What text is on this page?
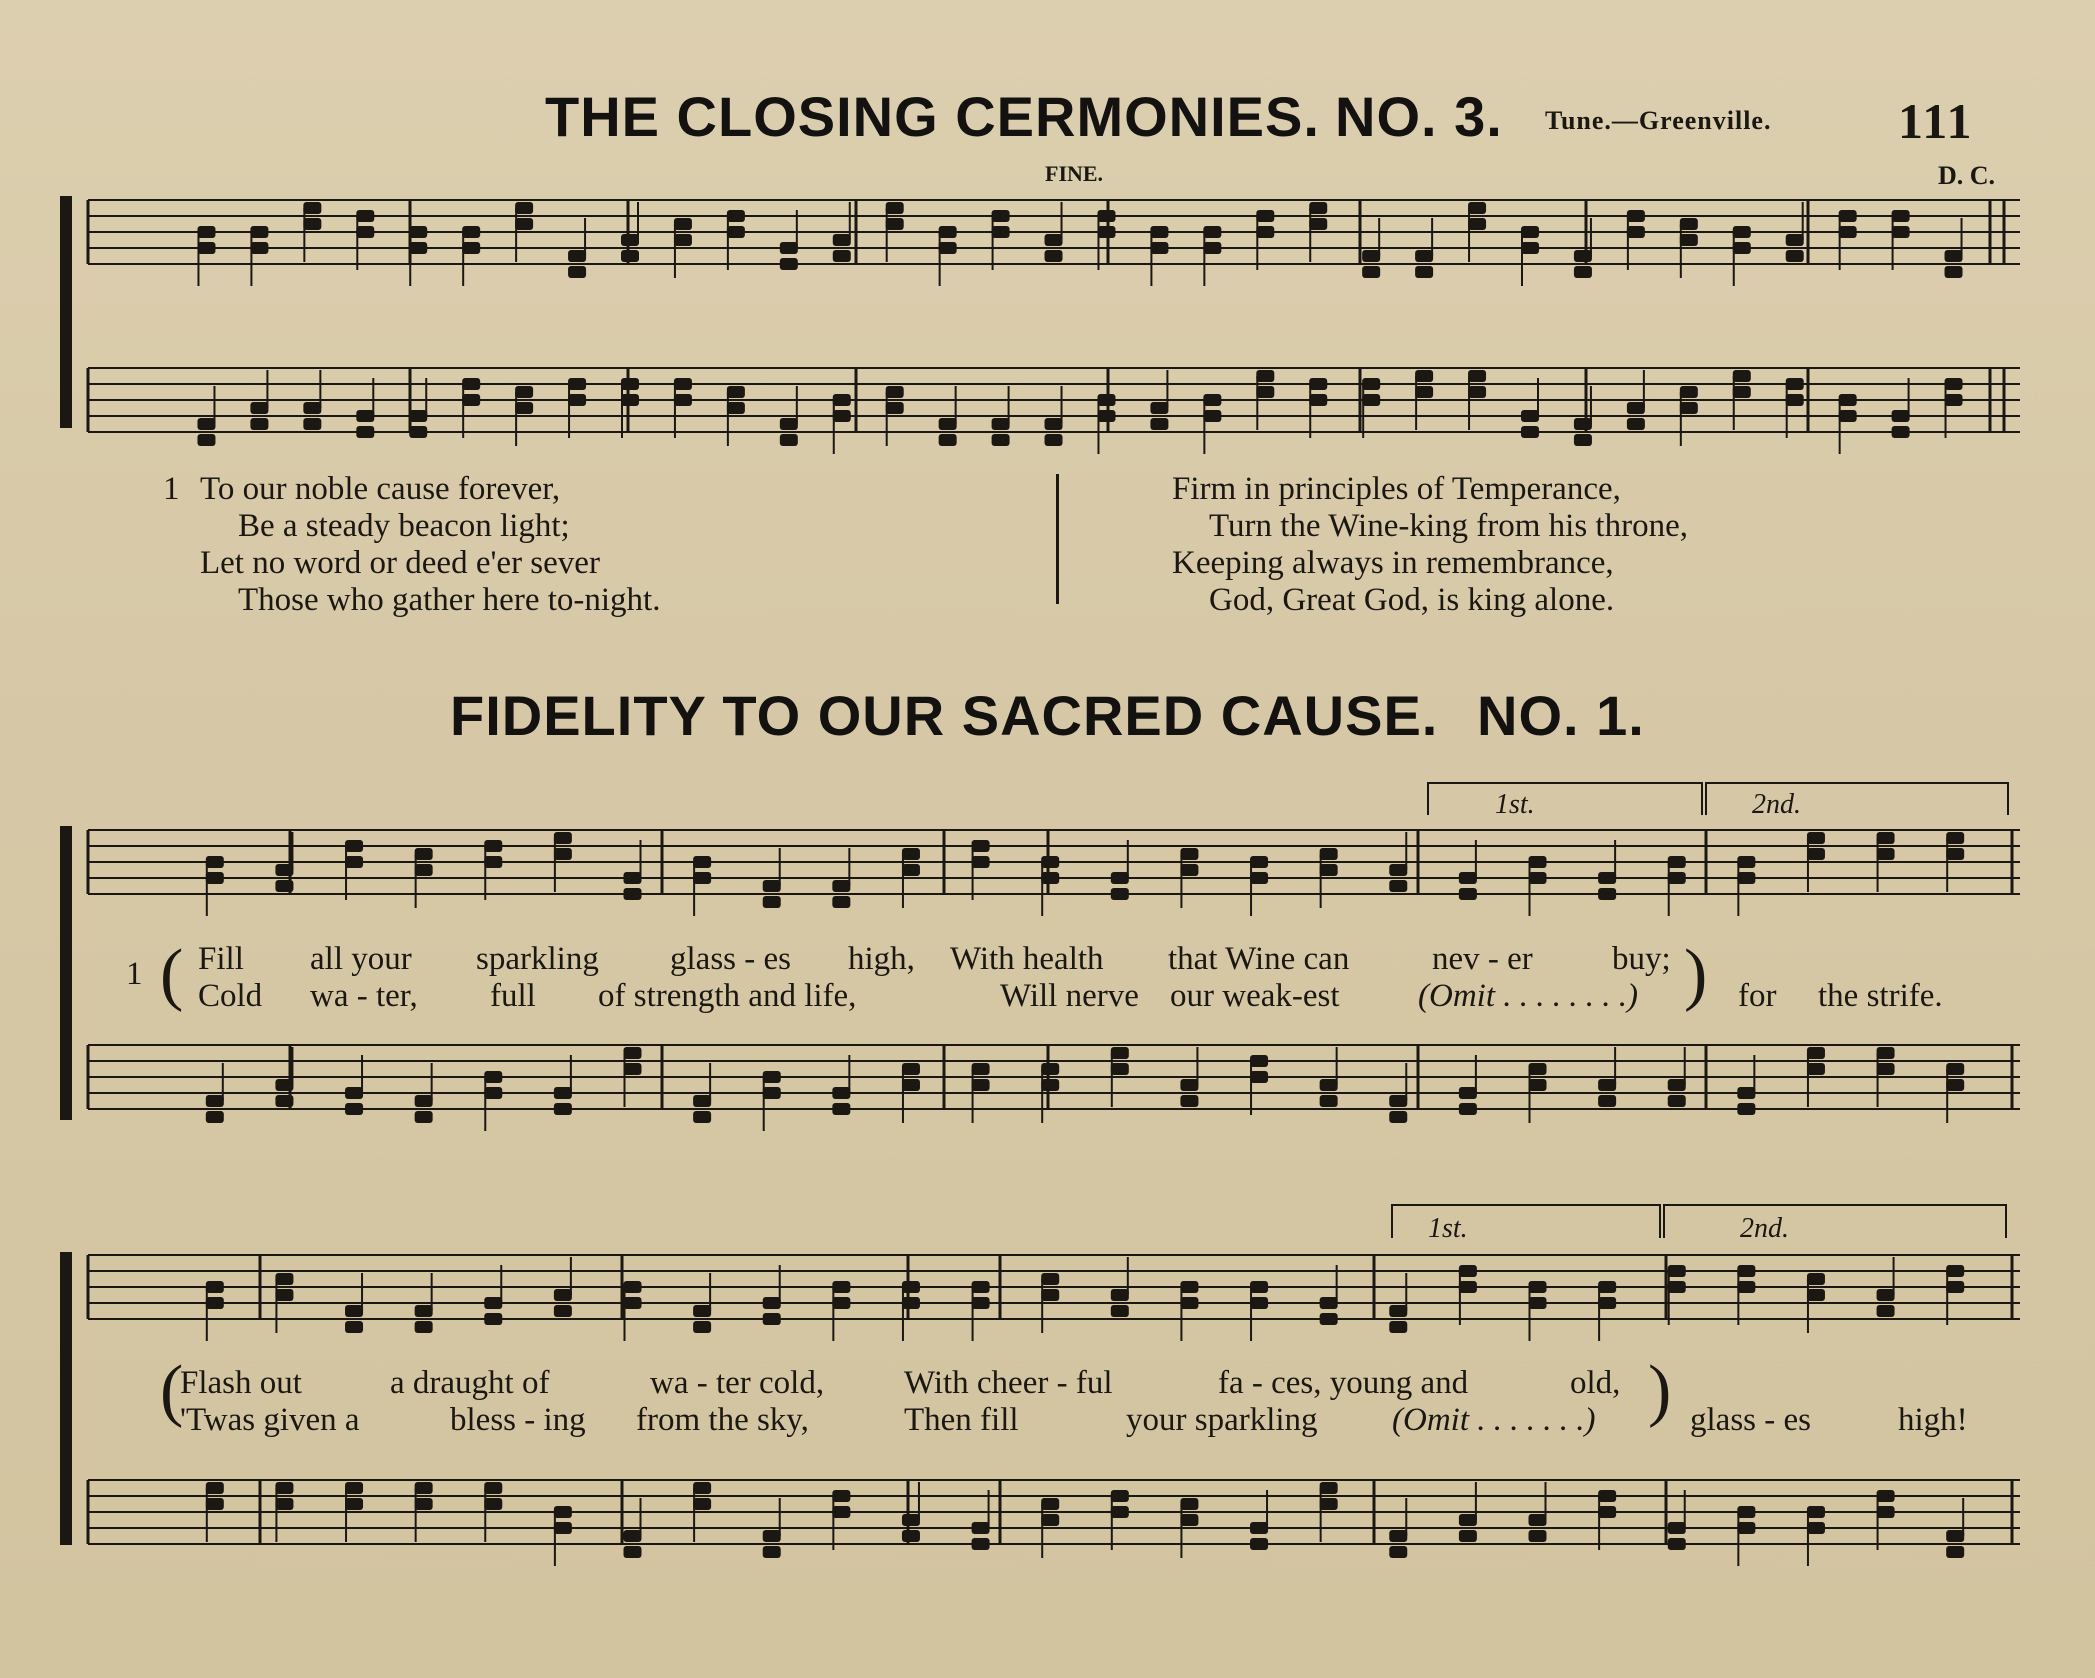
THE CLOSING CERMONIES. NO. 3. Tune.—Greenville.	111
FINE.	D. C.
1 To our noble cause forever,
Be a steady beacon light;
Let no word or deed e'er sever
Those who gather here to-night.
Firm in principles of Temperance,
Turn the Wine-king from his throne,
Keeping always in remembrance,
God, Great God, is king alone.
FIDELITY TO OUR SACRED CAUSE. NO. 1.
1st.	2nd.
1st.	2nd.
1 ( Fill all your sparkling glass - es high, With health that Wine can	nev - er buy; )
Cold wa - ter, full of strength and life,	Will nerve our weak-est (Omit . . . . . . . .)	for the strife.
(
Flash out	a draught of	wa - ter cold, With cheer - ful	fa - ces, young and	old, )
'Twas given a	bless - ing from the sky,	Then fill	your sparkling (Omit . . . . . . .)	glass - es	high!
